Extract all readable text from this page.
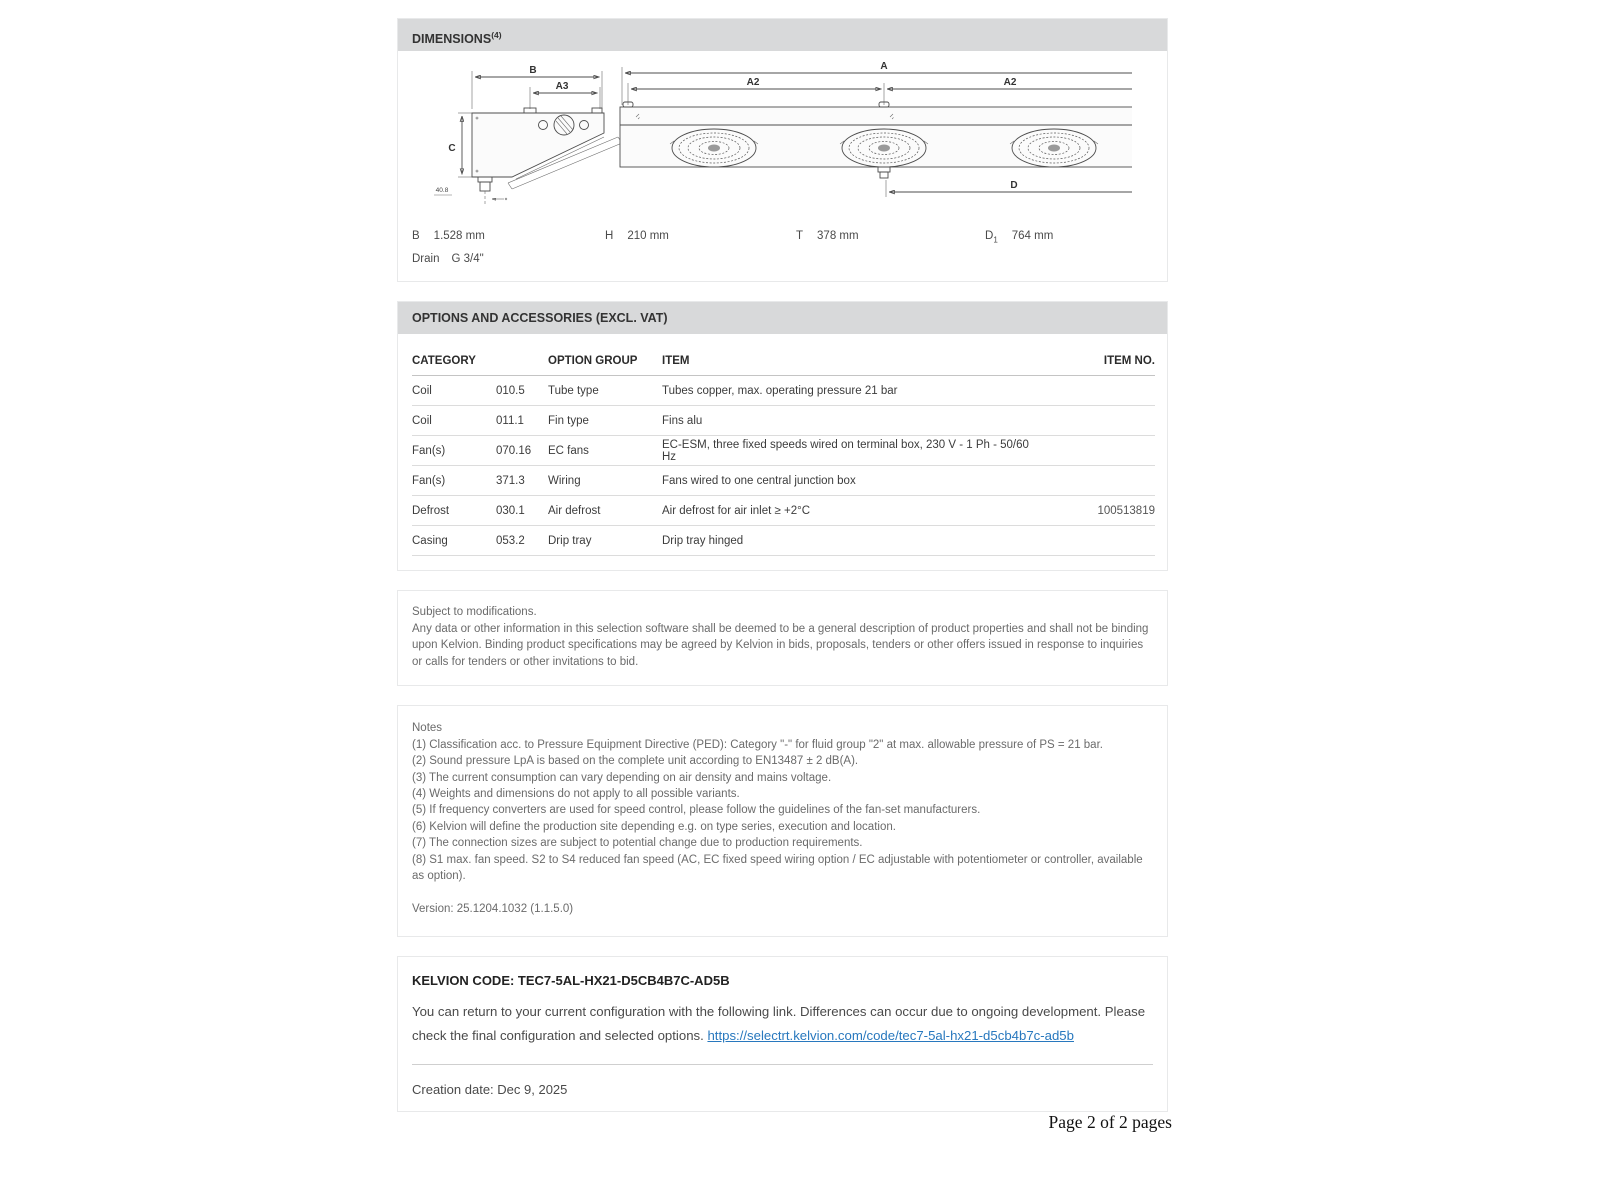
DIMENSIONS$^{(4)}$
B
A3
C
40.8
A
A2	A2
D
B 1.528 mm	H 210 mm	T 378 mm	$D_1$ 764 mm
Drain G 3/4"
OPTIONS AND ACCESSORIES (EXCL. VAT)
CATEGORY	OPTION GROUP	ITEM	ITEM NO.
Coil	010.5	Tube type	Tubes copper, max. operating pressure 21 bar
Coil	011.1	Fin type	Fins alu
Fan(s)	070.16	EC fans	EC-ESM, three fixed speeds wired on terminal box, 230 V - 1 Ph - 50/60 Hz
Fan(s)	371.3	Wiring	Fans wired to one central junction box
Defrost	030.1	Air defrost	Air defrost for air inlet ≥ +2°C	100513819
Casing	053.2	Drip tray	Drip tray hinged
Subject to modifications.
Any data or other information in this selection software shall be deemed to be a general description of product properties and shall not be binding upon Kelvion. Binding product specifications may be agreed by Kelvion in bids, proposals, tenders or other offers issued in response to inquiries or calls for tenders or other invitations to bid.
Notes
(1) Classification acc. to Pressure Equipment Directive (PED): Category "-" for fluid group "2" at max. allowable pressure of PS = 21 bar.
(2) Sound pressure LpA is based on the complete unit according to EN13487 ± 2 dB(A).
(3) The current consumption can vary depending on air density and mains voltage.
(4) Weights and dimensions do not apply to all possible variants.
(5) If frequency converters are used for speed control, please follow the guidelines of the fan-set manufacturers.
(6) Kelvion will define the production site depending e.g. on type series, execution and location.
(7) The connection sizes are subject to potential change due to production requirements.
(8) S1 max. fan speed. S2 to S4 reduced fan speed (AC, EC fixed speed wiring option / EC adjustable with potentiometer or controller, available as option).
Version: 25.1204.1032 (1.1.5.0)
KELVION CODE: TEC7-5AL-HX21-D5CB4B7C-AD5B
You can return to your current configuration with the following link. Differences can occur due to ongoing development. Please check the final configuration and selected options. https://selectrt.kelvion.com/code/tec7-5al-hx21-d5cb4b7c-ad5b
Creation date: Dec 9, 2025
Page 2 of 2 pages
